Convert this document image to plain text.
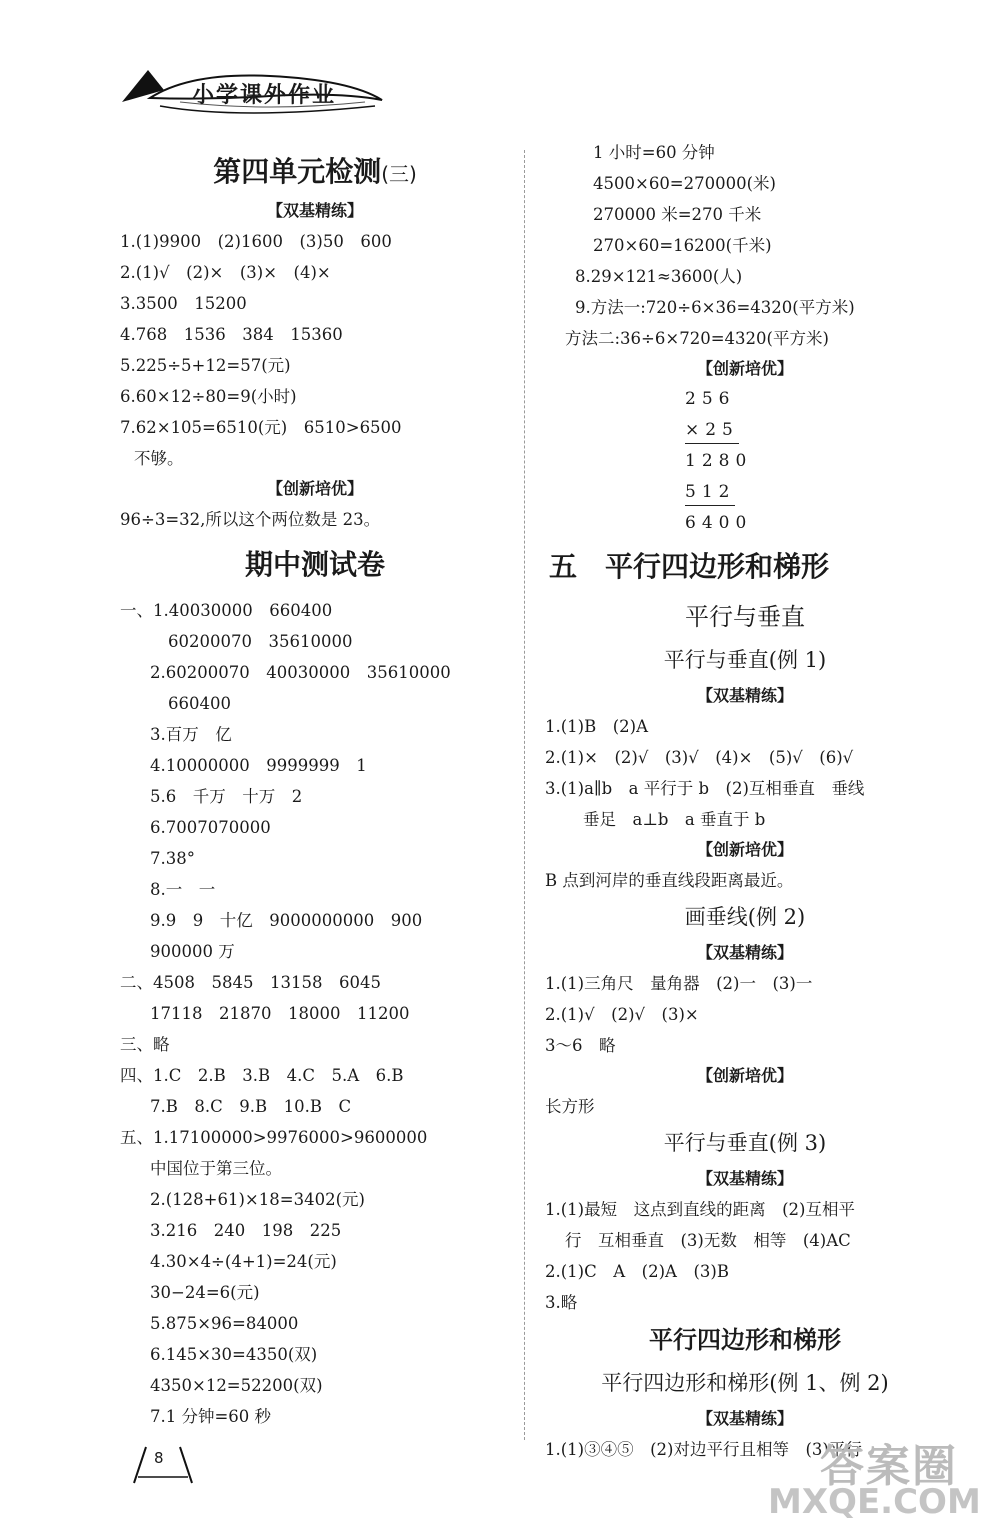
小学课外作业
第四单元检测(三)
【双基精练】
1.(1)9900　(2)1600　(3)50　600
2.(1)√　(2)×　(3)×　(4)×
3.3500　15200
4.768　1536　384　15360
5.225÷5+12=57(元)
6.60×12÷80=9(小时)
7.62×105=6510(元)　6510>6500
不够。
【创新培优】
96÷3=32,所以这个两位数是 23。
期中测试卷
一、1.40030000　660400
60200070　35610000
2.60200070　40030000　35610000
660400
3.百万　亿
4.10000000　9999999　1
5.6　千万　十万　2
6.7007070000
7.38°
8.一　一
9.9　9　十亿　9000000000　900
900000 万
二、4508　5845　13158　6045
17118　21870　18000　11200
三、略
四、1.C　2.B　3.B　4.C　5.A　6.B
7.B　8.C　9.B　10.B　C
五、1.17100000>9976000>9600000
中国位于第三位。
2.(128+61)×18=3402(元)
3.216　240　198　225
4.30×4÷(4+1)=24(元)
30−24=6(元)
5.875×96=84000
6.145×30=4350(双)
4350×12=52200(双)
7.1 分钟=60 秒
1 小时=60 分钟
4500×60=270000(米)
270000 米=270 千米
270×60=16200(千米)
8.29×121≈3600(人)
9.方法一:720÷6×36=4320(平方米)
方法二:36÷6×720=4320(平方米)
【创新培优】
256
×25
1280
512
6400
五　平行四边形和梯形
平行与垂直
平行与垂直(例 1)
【双基精练】
1.(1)B　(2)A
2.(1)×　(2)√　(3)√　(4)×　(5)√　(6)√
3.(1)a∥b　a 平行于 b　(2)互相垂直　垂线
垂足　a⊥b　a 垂直于 b
【创新培优】
B 点到河岸的垂直线段距离最近。
画垂线(例 2)
【双基精练】
1.(1)三角尺　量角器　(2)一　(3)一
2.(1)√　(2)√　(3)×
3～6　略
【创新培优】
长方形
平行与垂直(例 3)
【双基精练】
1.(1)最短　这点到直线的距离　(2)互相平
行　互相垂直　(3)无数　相等　(4)AC
2.(1)C　A　(2)A　(3)B
3.略
平行四边形和梯形
平行四边形和梯形(例 1、例 2)
【双基精练】
1.(1)③④⑤　(2)对边平行且相等　(3)平行
8	答案圈
MXQE.COM
